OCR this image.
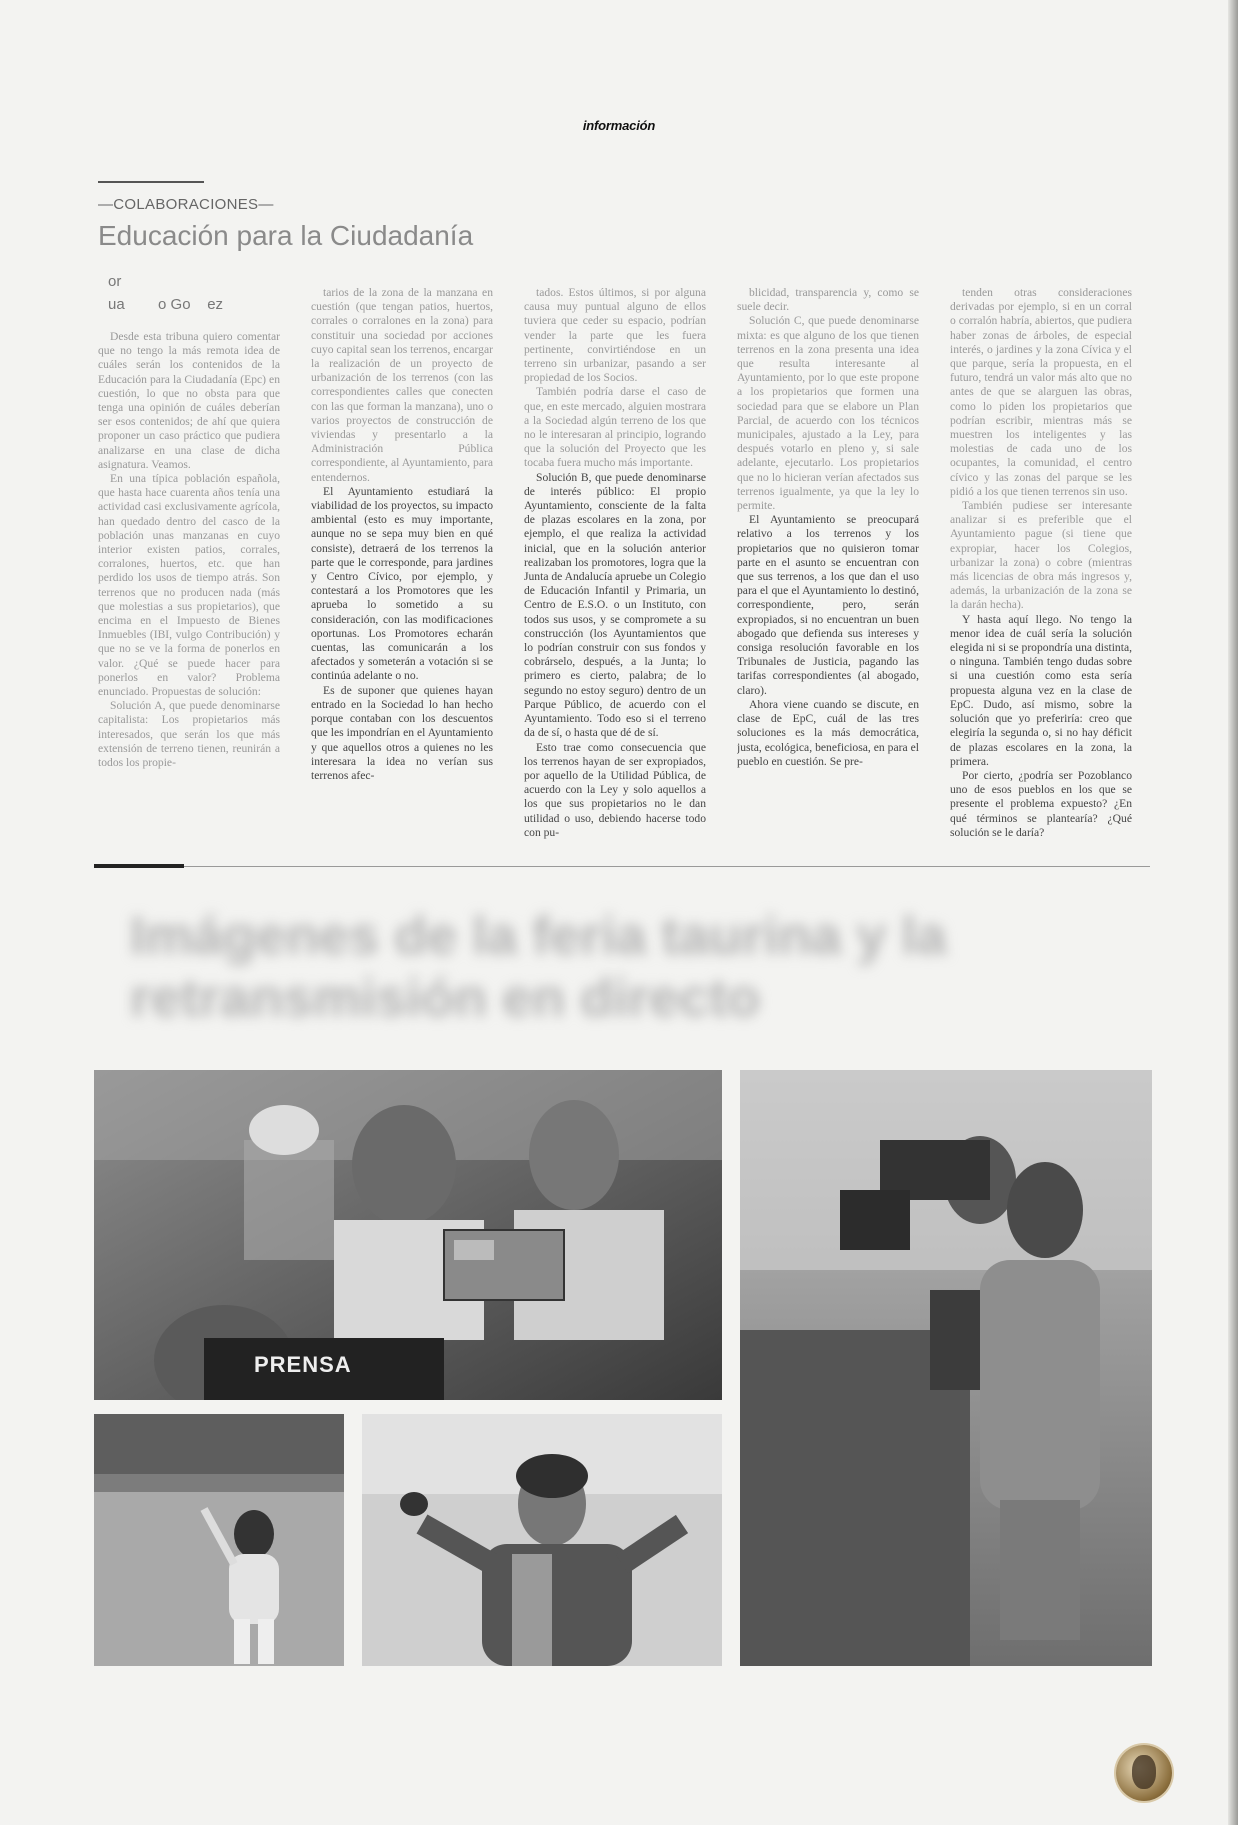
información
—COLABORACIONES—
Educación para la Ciudadanía
or
ua        o Go    ez

Desde esta tribuna quiero comentar que no tengo la más remota idea de cuáles serán los contenidos de la Educación para la Ciudadanía (Epc) en cuestión, lo que no obsta para que tenga una opinión de cuáles deberían ser esos contenidos; de ahí que quiera proponer un caso práctico que pudiera analizarse en una clase de dicha asignatura. Veamos.

En una típica población española, que hasta hace cuarenta años tenía una actividad casi exclusivamente agrícola, han quedado dentro del casco de la población unas manzanas en cuyo interior existen patios, corrales, corralones, huertos, etc. que han perdido los usos de tiempo atrás. Son terrenos que no producen nada (más que molestias a sus propietarios), que encima en el Impuesto de Bienes Inmuebles (IBI, vulgo Contribución) y que no se ve la forma de ponerlos en valor. ¿Qué se puede hacer para ponerlos en valor? Problema enunciado. Propuestas de solución:

Solución A, que puede denominarse capitalista: Los propietarios más interesados, que serán los que más extensión de terreno tienen, reunirán a todos los propie-

tarios de la zona de la manzana en cuestión (que tengan patios, huertos, corrales o corralones en la zona) para constituir una sociedad por acciones cuyo capital sean los terrenos, encargar la realización de un proyecto de urbanización de los terrenos (con las correspondientes calles que conecten con las que forman la manzana), uno o varios proyectos de construcción de viviendas y presentarlo a la Administración Pública correspondiente, al Ayuntamiento, para entendernos.

El Ayuntamiento estudiará la viabilidad de los proyectos, su impacto ambiental (esto es muy importante, aunque no se sepa muy bien en qué consiste), detraerá de los terrenos la parte que le corresponde, para jardines y Centro Cívico, por ejemplo, y contestará a los Promotores que les aprueba lo sometido a su consideración, con las modificaciones oportunas. Los Promotores echarán cuentas, las comunicarán a los afectados y someterán a votación si se continúa adelante o no.

Es de suponer que quienes hayan entrado en la Sociedad lo han hecho porque contaban con los descuentos que les impondrían en el Ayuntamiento y que aquellos otros a quienes no les interesara la idea no verían sus terrenos afec-

tados. Estos últimos, si por alguna causa muy puntual alguno de ellos tuviera que ceder su espacio, podrían vender la parte que les fuera pertinente, convirtiéndose en un terreno sin urbanizar, pasando a ser propiedad de los Socios.

También podría darse el caso de que, en este mercado, alguien mostrara a la Sociedad algún terreno de los que no le interesaran al principio, logrando que la solución del Proyecto que les tocaba fuera mucho más importante.

Solución B, que puede denominarse de interés público: El propio Ayuntamiento, consciente de la falta de plazas escolares en la zona, por ejemplo, el que realiza la actividad inicial, que en la solución anterior realizaban los promotores, logra que la Junta de Andalucía apruebe un Colegio de Educación Infantil y Primaria, un Centro de E.S.O. o un Instituto, con todos sus usos, y se compromete a su construcción (los Ayuntamientos que lo podrían construir con sus fondos y cobrárselo, después, a la Junta; lo primero es cierto, palabra; de lo segundo no estoy seguro) dentro de un Parque Público, de acuerdo con el Ayuntamiento. Todo eso si el terreno da de sí, o hasta que dé de sí.

Esto trae como consecuencia que los terrenos hayan de ser expropiados, por aquello de la Utilidad Pública, de acuerdo con la Ley y solo aquellos a los que sus propietarios no le dan utilidad o uso, debiendo hacerse todo con pu-

blicidad, transparencia y, como se suele decir.

Solución C, que puede denominarse mixta: es que alguno de los que tienen terrenos en la zona presenta una idea que resulta interesante al Ayuntamiento, por lo que este propone a los propietarios que formen una sociedad para que se elabore un Plan Parcial, de acuerdo con los técnicos municipales, ajustado a la Ley, para después votarlo en pleno y, si sale adelante, ejecutarlo. Los propietarios que no lo hicieran verían afectados sus terrenos igualmente, ya que la ley lo permite.

El Ayuntamiento se preocupará relativo a los terrenos y los propietarios que no quisieron tomar parte en el asunto se encuentran con que sus terrenos, a los que dan el uso para el que el Ayuntamiento lo destinó, correspondiente, pero, serán expropiados, si no encuentran un buen abogado que defienda sus intereses y consiga resolución favorable en los Tribunales de Justicia, pagando las tarifas correspondientes (al abogado, claro).

Ahora viene cuando se discute, en clase de EpC, cuál de las tres soluciones es la más democrática, justa, ecológica, beneficiosa, en para el pueblo en cuestión. Se pre-

tenden otras consideraciones derivadas por ejemplo, si en un corral o corralón habría, abiertos, que pudiera haber zonas de árboles, de especial interés, o jardines y la zona Cívica y el que parque, sería la propuesta, en el futuro, tendrá un valor más alto que no antes de que se alarguen las obras, como lo piden los propietarios que podrían escribir, mientras más se muestren los inteligentes y las molestias de cada uno de los ocupantes, la comunidad, el centro cívico y las zonas del parque se les pidió a los que tienen terrenos sin uso.

También pudiese ser interesante analizar si es preferible que el Ayuntamiento pague (si tiene que expropiar, hacer los Colegios, urbanizar la zona) o cobre (mientras más licencias de obra más ingresos y, además, la urbanización de la zona se la darán hecha).

Y hasta aquí llego. No tengo la menor idea de cuál sería la solución elegida ni si se propondría una distinta, o ninguna. También tengo dudas sobre si una cuestión como esta sería propuesta alguna vez en la clase de EpC. Dudo, así mismo, sobre la solución que yo preferiría: creo que elegiría la segunda o, si no hay déficit de plazas escolares en la zona, la primera.

Por cierto, ¿podría ser Pozoblanco uno de esos pueblos en los que se presente el problema expuesto? ¿En qué términos se plantearía? ¿Qué solución se le daría?

Imágenes de la feria taurina y la retransmisión en directo
PRENSA
